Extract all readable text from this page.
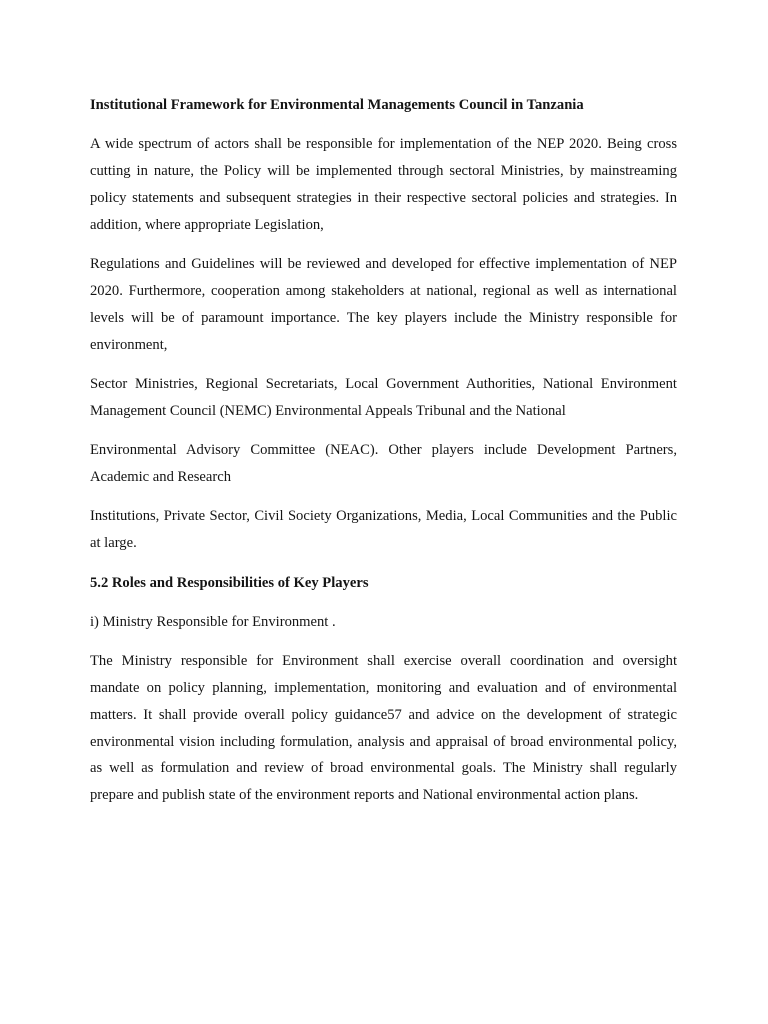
Institutional Framework for Environmental Managements Council in Tanzania

A wide spectrum of actors shall be responsible for implementation of the NEP 2020. Being cross cutting in nature, the Policy will be implemented through sectoral Ministries, by mainstreaming policy statements and subsequent strategies in their respective sectoral policies and strategies. In addition, where appropriate Legislation,

Regulations and Guidelines will be reviewed and developed for effective implementation of NEP 2020. Furthermore, cooperation among stakeholders at national, regional as well as international levels will be of paramount importance. The key players include the Ministry responsible for environment,

Sector Ministries, Regional Secretariats, Local Government Authorities, National Environment Management Council (NEMC) Environmental Appeals Tribunal and the National

Environmental Advisory Committee (NEAC). Other players include Development Partners, Academic and Research

Institutions, Private Sector, Civil Society Organizations, Media, Local Communities and the Public at large.

5.2 Roles and Responsibilities of Key Players

i) Ministry Responsible for Environment .

The Ministry responsible for Environment shall exercise overall coordination and oversight mandate on policy planning, implementation, monitoring and evaluation and of environmental matters. It shall provide overall policy guidance57 and advice on the development of strategic environmental vision including formulation, analysis and appraisal of broad environmental policy, as well as formulation and review of broad environmental goals. The Ministry shall regularly prepare and publish state of the environment reports and National environmental action plans.
